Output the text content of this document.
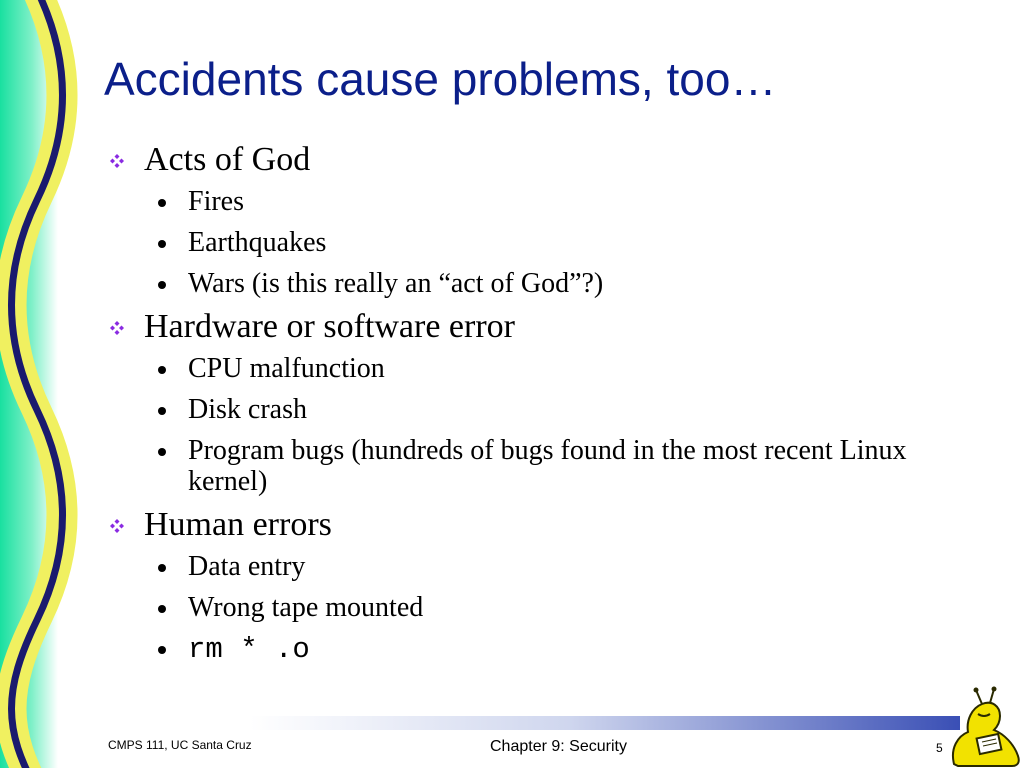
Accidents cause problems, too…
Acts of God
Fires
Earthquakes
Wars (is this really an “act of God”?)
Hardware or software error
CPU malfunction
Disk crash
Program bugs (hundreds of bugs found in the most recent Linux kernel)
Human errors
Data entry
Wrong tape mounted
rm * .o
CMPS 111, UC Santa Cruz	Chapter 9: Security	5
